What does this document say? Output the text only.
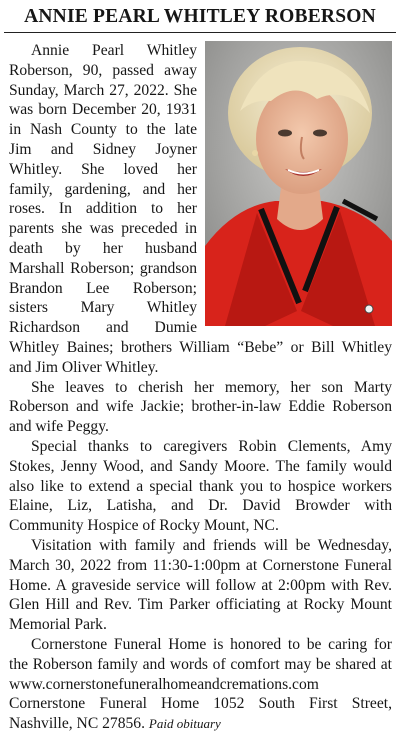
ANNIE PEARL WHITLEY ROBERSON

Annie Pearl Whitley Roberson, 90, passed away Sunday, March 27, 2022. She was born December 20, 1931 in Nash County to the late Jim and Sidney Joyner Whitley. She loved her family, gardening, and her roses. In addition to her parents she was preceded in death by her husband Marshall Roberson; grandson Brandon Lee Roberson; sisters Mary Whitley Richardson and Dumie Whitley Baines; brothers William “Bebe” or Bill Whitley and Jim Oliver Whitley.

She leaves to cherish her memory, her son Marty Roberson and wife Jackie; brother-in-law Eddie Roberson and wife Peggy.

Special thanks to caregivers Robin Clements, Amy Stokes, Jenny Wood, and Sandy Moore. The family would also like to extend a special thank you to hospice workers Elaine, Liz, Latisha, and Dr. David Browder with Community Hospice of Rocky Mount, NC.

Visitation with family and friends will be Wednesday, March 30, 2022 from 11:30-1:00pm at Cornerstone Funeral Home. A graveside service will follow at 2:00pm with Rev. Glen Hill and Rev. Tim Parker officiating at Rocky Mount Memorial Park.

Cornerstone Funeral Home is honored to be caring for the Roberson family and words of comfort may be shared at www.cornerstonefuneralhomeandcremations.com Cornerstone Funeral Home 1052 South First Street, Nashville, NC 27856. Paid obituary
